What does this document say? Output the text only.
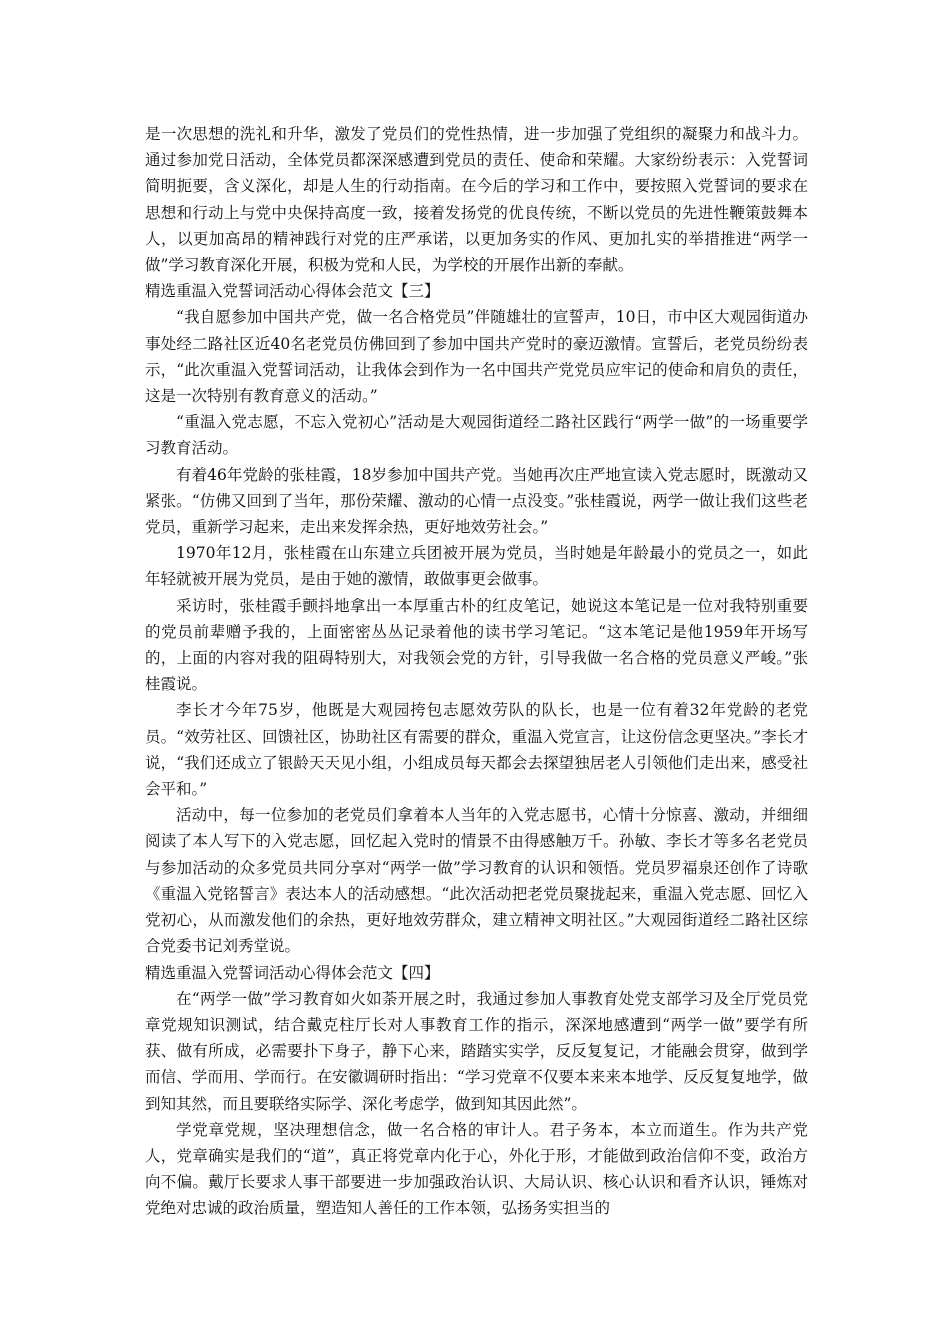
是一次思想的洗礼和升华，激发了党员们的党性热情，进一步加强了党组织的凝聚力和战斗力。通过参加党日活动，全体党员都深深感遭到党员的责任、使命和荣耀。大家纷纷表示：入党誓词简明扼要，含义深化，却是人生的行动指南。在今后的学习和工作中，要按照入党誓词的要求在思想和行动上与党中央保持高度一致，接着发扬党的优良传统，不断以党员的先进性鞭策鼓舞本人，以更加高昂的精神践行对党的庄严承诺，以更加务实的作风、更加扎实的举措推进“两学一做”学习教育深化开展，积极为党和人民，为学校的开展作出新的奉献。

精选重温入党誓词活动心得体会范文【三】

“我自愿参加中国共产党，做一名合格党员”伴随雄壮的宣誓声，10日，市中区大观园街道办事处经二路社区近40名老党员仿佛回到了参加中国共产党时的豪迈激情。宣誓后，老党员纷纷表示，“此次重温入党誓词活动，让我体会到作为一名中国共产党党员应牢记的使命和肩负的责任，这是一次特别有教育意义的活动。”

“重温入党志愿，不忘入党初心”活动是大观园街道经二路社区践行“两学一做”的一场重要学习教育活动。

有着46年党龄的张桂霞，18岁参加中国共产党。当她再次庄严地宣读入党志愿时，既激动又紧张。“仿佛又回到了当年，那份荣耀、激动的心情一点没变。”张桂霞说，两学一做让我们这些老党员，重新学习起来，走出来发挥余热，更好地效劳社会。”

1970年12月，张桂霞在山东建立兵团被开展为党员，当时她是年龄最小的党员之一，如此年轻就被开展为党员，是由于她的激情，敢做事更会做事。

采访时，张桂霞手颤抖地拿出一本厚重古朴的红皮笔记，她说这本笔记是一位对我特别重要的党员前辈赠予我的，上面密密丛丛记录着他的读书学习笔记。“这本笔记是他1959年开场写的，上面的内容对我的阻碍特别大，对我领会党的方针，引导我做一名合格的党员意义严峻。”张桂霞说。

李长才今年75岁，他既是大观园挎包志愿效劳队的队长，也是一位有着32年党龄的老党员。“效劳社区、回馈社区，协助社区有需要的群众，重温入党宣言，让这份信念更坚决。”李长才说，“我们还成立了银龄天天见小组，小组成员每天都会去探望独居老人引领他们走出来，感受社会平和。”

活动中，每一位参加的老党员们拿着本人当年的入党志愿书，心情十分惊喜、激动，并细细阅读了本人写下的入党志愿，回忆起入党时的情景不由得感触万千。孙敏、李长才等多名老党员与参加活动的众多党员共同分享对“两学一做”学习教育的认识和领悟。党员罗福泉还创作了诗歌《重温入党铭誓言》表达本人的活动感想。“此次活动把老党员聚拢起来，重温入党志愿、回忆入党初心，从而激发他们的余热，更好地效劳群众，建立精神文明社区。”大观园街道经二路社区综合党委书记刘秀堂说。

精选重温入党誓词活动心得体会范文【四】

在“两学一做”学习教育如火如荼开展之时，我通过参加人事教育处党支部学习及全厅党员党章党规知识测试，结合戴克柱厅长对人事教育工作的指示，深深地感遭到“两学一做”要学有所获、做有所成，必需要扑下身子，静下心来，踏踏实实学，反反复复记，才能融会贯穿，做到学而信、学而用、学而行。在安徽调研时指出：“学习党章不仅要本来来本地学、反反复复地学，做到知其然，而且要联络实际学、深化考虑学，做到知其因此然”。

学党章党规，坚决理想信念，做一名合格的审计人。君子务本，本立而道生。作为共产党人，党章确实是我们的“道”，真正将党章内化于心，外化于形，才能做到政治信仰不变，政治方向不偏。戴厅长要求人事干部要进一步加强政治认识、大局认识、核心认识和看齐认识，锤炼对党绝对忠诚的政治质量，塑造知人善任的工作本领，弘扬务实担当的
